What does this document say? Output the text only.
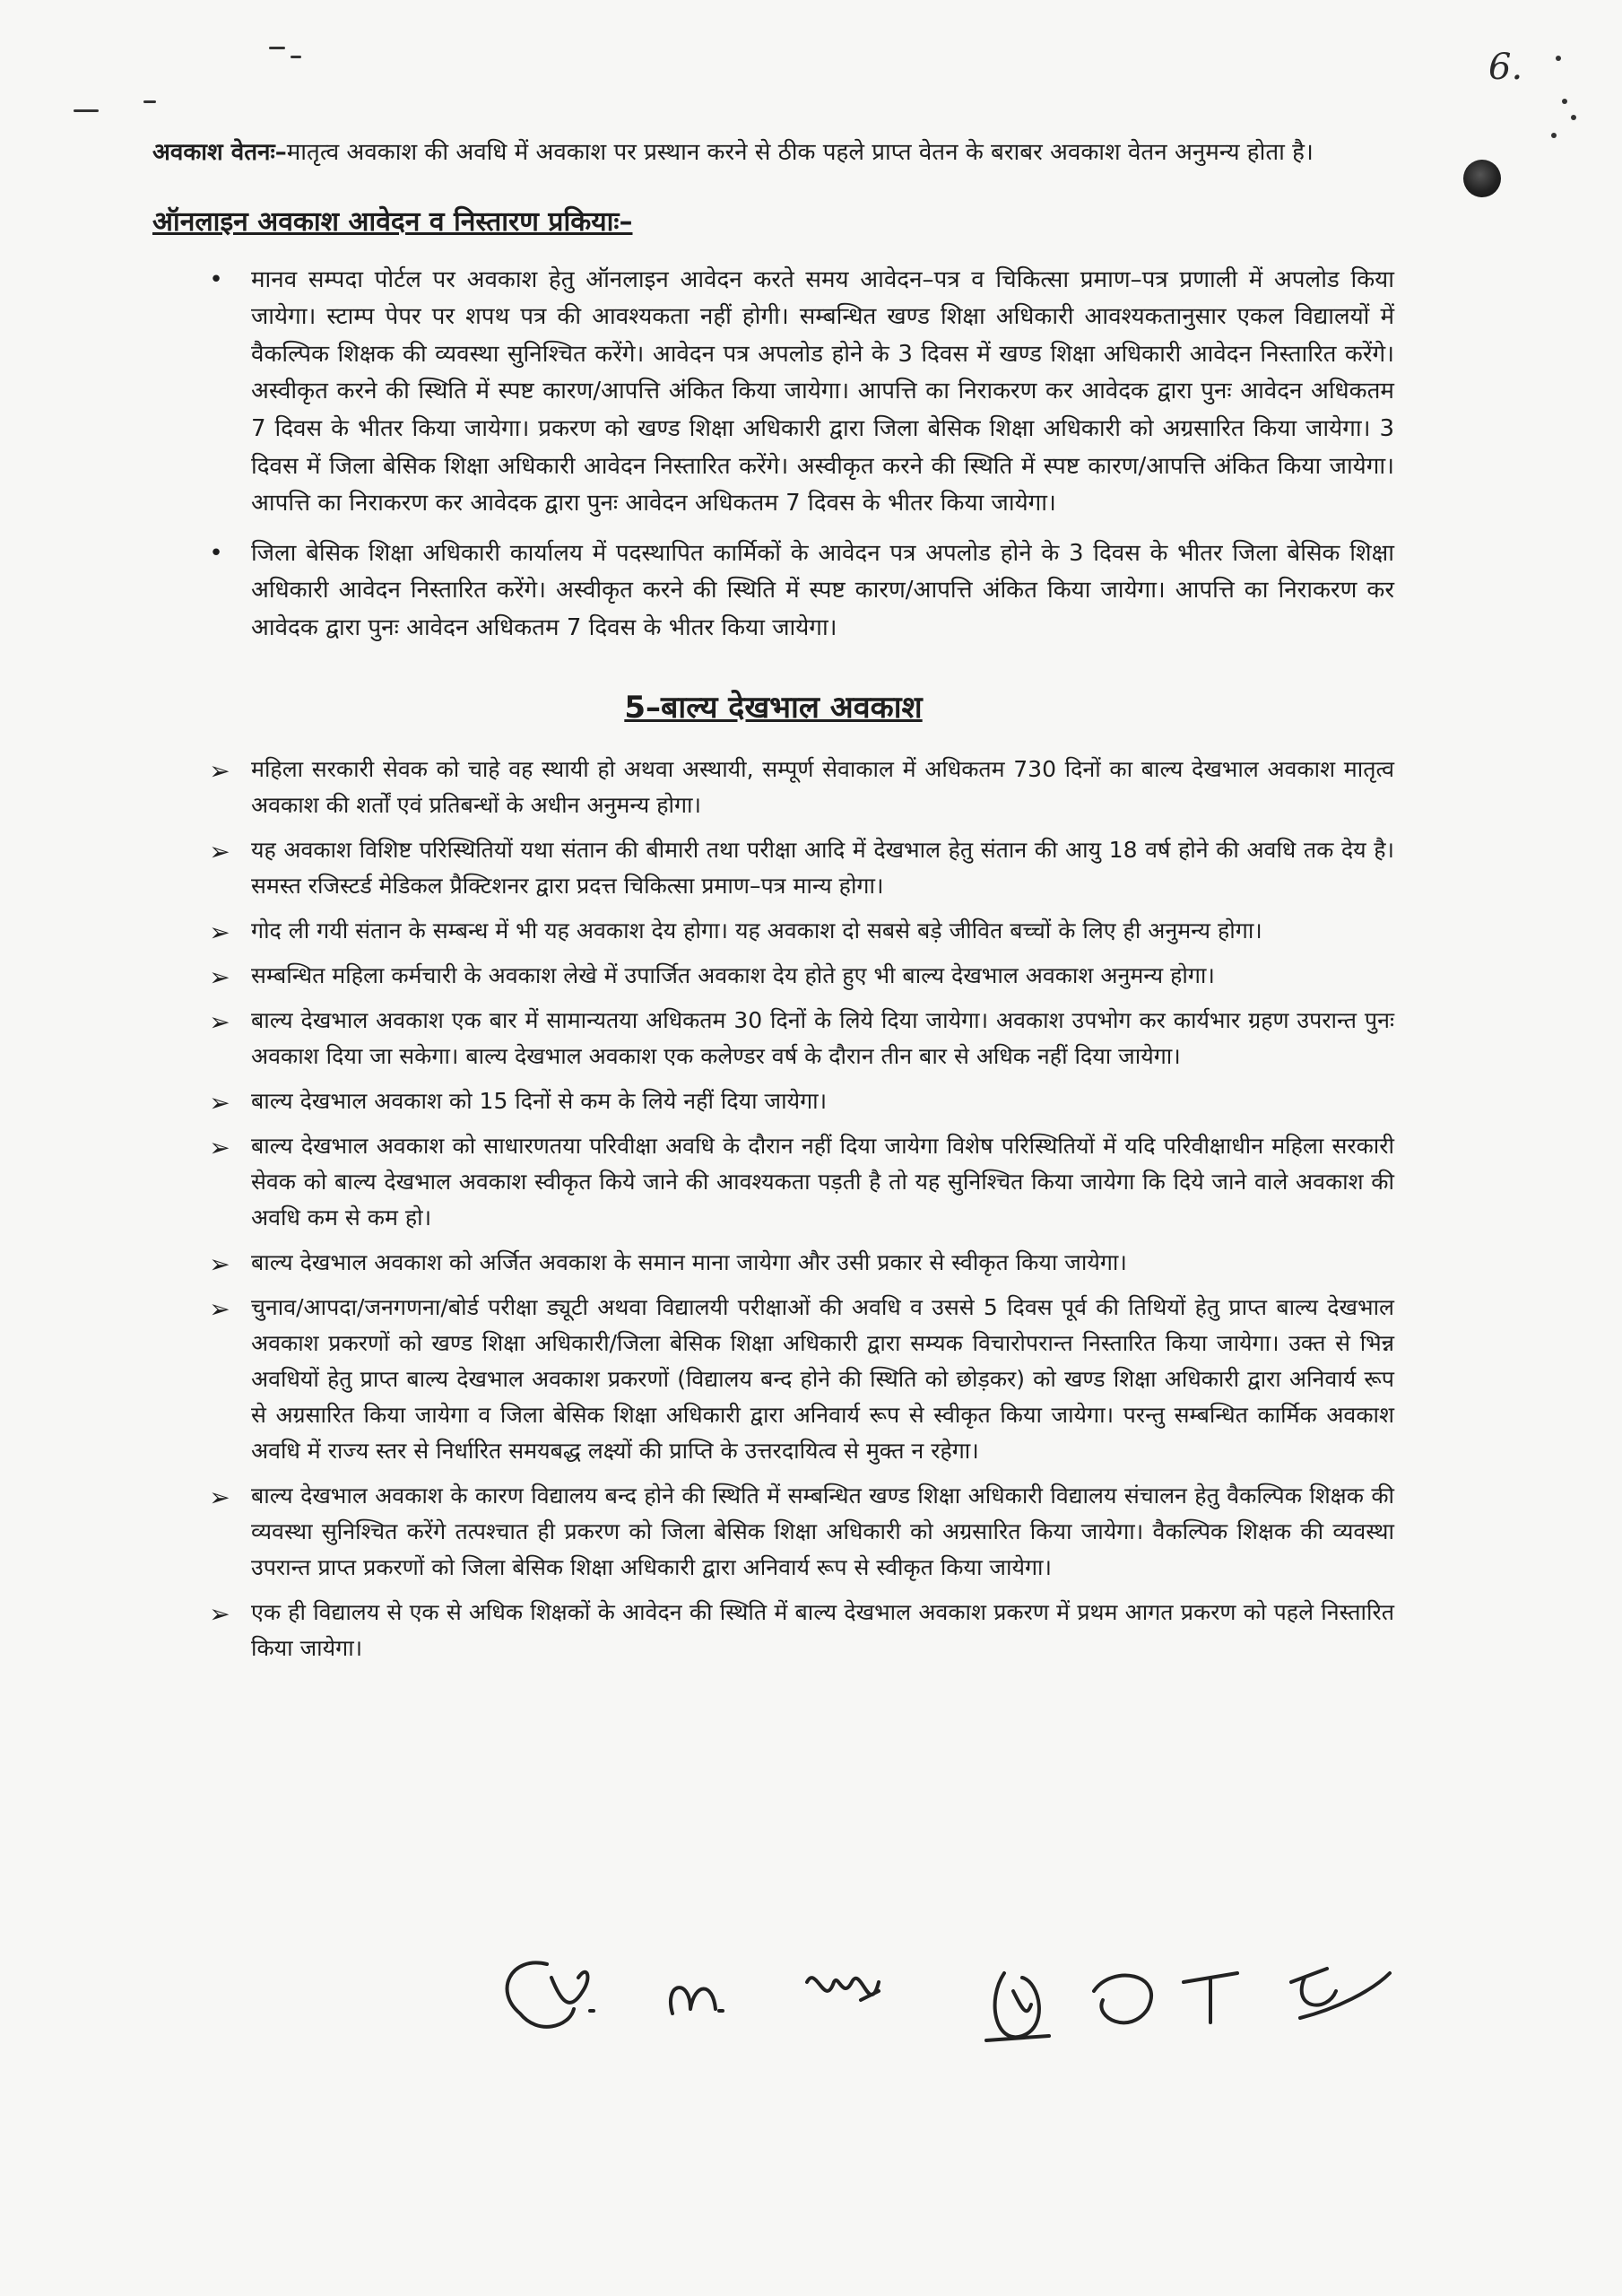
6.

अवकाश वेतनः–मातृत्व अवकाश की अवधि में अवकाश पर प्रस्थान करने से ठीक पहले प्राप्त वेतन के बराबर अवकाश वेतन अनुमन्य होता है।

ऑनलाइन अवकाश आवेदन व निस्तारण प्रकियाः–
• मानव सम्पदा पोर्टल पर अवकाश हेतु ऑनलाइन आवेदन करते समय आवेदन–पत्र व चिकित्सा प्रमाण–पत्र प्रणाली में अपलोड किया जायेगा। स्टाम्प पेपर पर शपथ पत्र की आवश्यकता नहीं होगी। सम्बन्धित खण्ड शिक्षा अधिकारी आवश्यकतानुसार एकल विद्यालयों में वैकल्पिक शिक्षक की व्यवस्था सुनिश्चित करेंगे। आवेदन पत्र अपलोड होने के 3 दिवस में खण्ड शिक्षा अधिकारी आवेदन निस्तारित करेंगे। अस्वीकृत करने की स्थिति में स्पष्ट कारण/आपत्ति अंकित किया जायेगा। आपत्ति का निराकरण कर आवेदक द्वारा पुनः आवेदन अधिकतम 7 दिवस के भीतर किया जायेगा। प्रकरण को खण्ड शिक्षा अधिकारी द्वारा जिला बेसिक शिक्षा अधिकारी को अग्रसारित किया जायेगा। 3 दिवस में जिला बेसिक शिक्षा अधिकारी आवेदन निस्तारित करेंगे। अस्वीकृत करने की स्थिति में स्पष्ट कारण/आपत्ति अंकित किया जायेगा। आपत्ति का निराकरण कर आवेदक द्वारा पुनः आवेदन अधिकतम 7 दिवस के भीतर किया जायेगा।
• जिला बेसिक शिक्षा अधिकारी कार्यालय में पदस्थापित कार्मिकों के आवेदन पत्र अपलोड होने के 3 दिवस के भीतर जिला बेसिक शिक्षा अधिकारी आवेदन निस्तारित करेंगे। अस्वीकृत करने की स्थिति में स्पष्ट कारण/आपत्ति अंकित किया जायेगा। आपत्ति का निराकरण कर आवेदक द्वारा पुनः आवेदन अधिकतम 7 दिवस के भीतर किया जायेगा।
5–बाल्य देखभाल अवकाश
➢ महिला सरकारी सेवक को चाहे वह स्थायी हो अथवा अस्थायी, सम्पूर्ण सेवाकाल में अधिकतम 730 दिनों का बाल्य देखभाल अवकाश मातृत्व अवकाश की शर्तों एवं प्रतिबन्धों के अधीन अनुमन्य होगा।
➢ यह अवकाश विशिष्ट परिस्थितियों यथा संतान की बीमारी तथा परीक्षा आदि में देखभाल हेतु संतान की आयु 18 वर्ष होने की अवधि तक देय है। समस्त रजिस्टर्ड मेडिकल प्रैक्टिशनर द्वारा प्रदत्त चिकित्सा प्रमाण–पत्र मान्य होगा।
➢ गोद ली गयी संतान के सम्बन्ध में भी यह अवकाश देय होगा। यह अवकाश दो सबसे बड़े जीवित बच्चों के लिए ही अनुमन्य होगा।
➢ सम्बन्धित महिला कर्मचारी के अवकाश लेखे में उपार्जित अवकाश देय होते हुए भी बाल्य देखभाल अवकाश अनुमन्य होगा।
➢ बाल्य देखभाल अवकाश एक बार में सामान्यतया अधिकतम 30 दिनों के लिये दिया जायेगा। अवकाश उपभोग कर कार्यभार ग्रहण उपरान्त पुनः अवकाश दिया जा सकेगा। बाल्य देखभाल अवकाश एक कलेण्डर वर्ष के दौरान तीन बार से अधिक नहीं दिया जायेगा।
➢ बाल्य देखभाल अवकाश को 15 दिनों से कम के लिये नहीं दिया जायेगा।
➢ बाल्य देखभाल अवकाश को साधारणतया परिवीक्षा अवधि के दौरान नहीं दिया जायेगा विशेष परिस्थितियों में यदि परिवीक्षाधीन महिला सरकारी सेवक को बाल्य देखभाल अवकाश स्वीकृत किये जाने की आवश्यकता पड़ती है तो यह सुनिश्चित किया जायेगा कि दिये जाने वाले अवकाश की अवधि कम से कम हो।
➢ बाल्य देखभाल अवकाश को अर्जित अवकाश के समान माना जायेगा और उसी प्रकार से स्वीकृत किया जायेगा।
➢ चुनाव/आपदा/जनगणना/बोर्ड परीक्षा ड्यूटी अथवा विद्यालयी परीक्षाओं की अवधि व उससे 5 दिवस पूर्व की तिथियों हेतु प्राप्त बाल्य देखभाल अवकाश प्रकरणों को खण्ड शिक्षा अधिकारी/जिला बेसिक शिक्षा अधिकारी द्वारा सम्यक विचारोपरान्त निस्तारित किया जायेगा। उक्त से भिन्न अवधियों हेतु प्राप्त बाल्य देखभाल अवकाश प्रकरणों (विद्यालय बन्द होने की स्थिति को छोड़कर) को खण्ड शिक्षा अधिकारी द्वारा अनिवार्य रूप से अग्रसारित किया जायेगा व जिला बेसिक शिक्षा अधिकारी द्वारा अनिवार्य रूप से स्वीकृत किया जायेगा। परन्तु सम्बन्धित कार्मिक अवकाश अवधि में राज्य स्तर से निर्धारित समयबद्ध लक्ष्यों की प्राप्ति के उत्तरदायित्व से मुक्त न रहेगा।
➢ बाल्य देखभाल अवकाश के कारण विद्यालय बन्द होने की स्थिति में सम्बन्धित खण्ड शिक्षा अधिकारी विद्यालय संचालन हेतु वैकल्पिक शिक्षक की व्यवस्था सुनिश्चित करेंगे तत्पश्चात ही प्रकरण को जिला बेसिक शिक्षा अधिकारी को अग्रसारित किया जायेगा। वैकल्पिक शिक्षक की व्यवस्था उपरान्त प्राप्त प्रकरणों को जिला बेसिक शिक्षा अधिकारी द्वारा अनिवार्य रूप से स्वीकृत किया जायेगा।
➢ एक ही विद्यालय से एक से अधिक शिक्षकों के आवेदन की स्थिति में बाल्य देखभाल अवकाश प्रकरण में प्रथम आगत प्रकरण को पहले निस्तारित किया जायेगा।
